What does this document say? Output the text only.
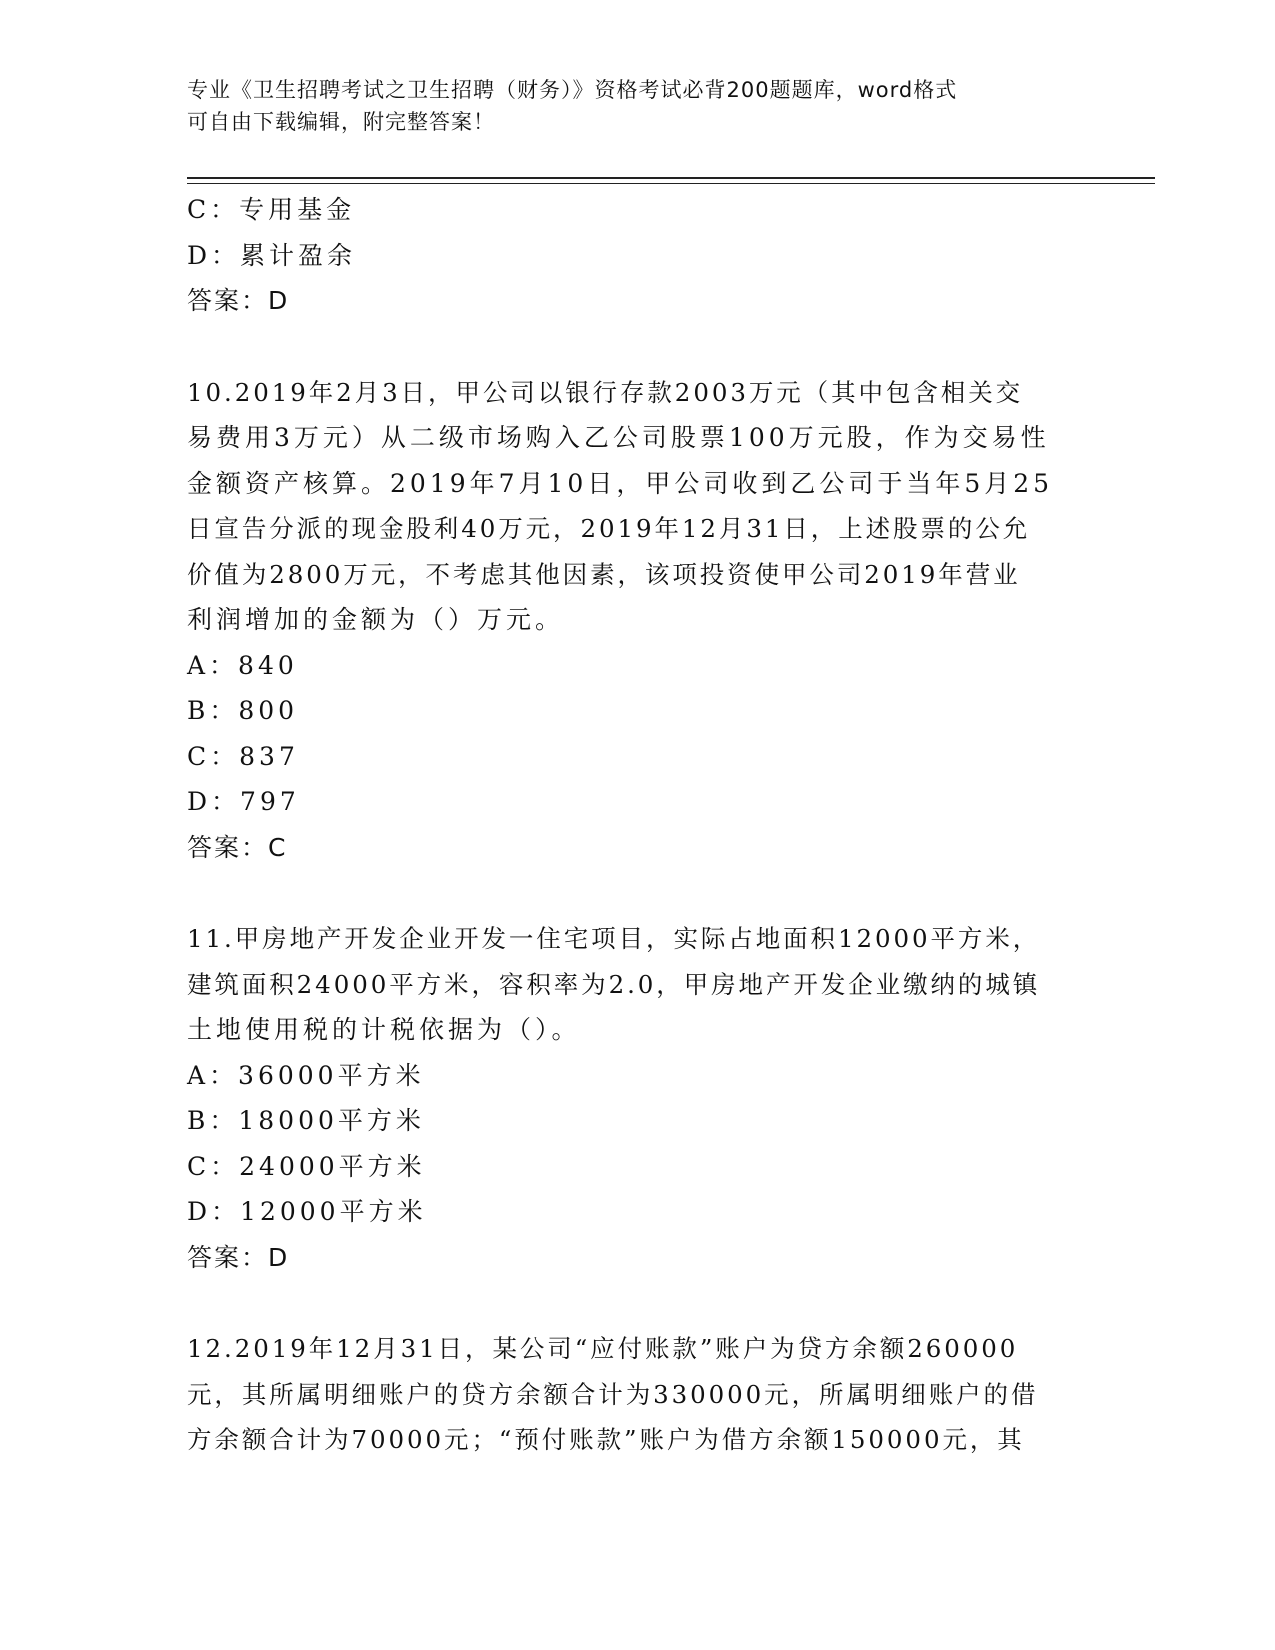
专业《卫生招聘考试之卫生招聘（财务）》资格考试必背200题题库，word格式
可自由下载编辑，附完整答案！
C：专用基金
D：累计盈余
答案：D
10.2019年2月3日，甲公司以银行存款2003万元（其中包含相关交
易费用3万元）从二级市场购入乙公司股票100万元股，作为交易性
金额资产核算。2019年7月10日，甲公司收到乙公司于当年5月25
日宣告分派的现金股利40万元，2019年12月31日，上述股票的公允
价值为2800万元，不考虑其他因素，该项投资使甲公司2019年营业
利润增加的金额为（）万元。
A：840
B：800
C：837
D：797
答案：C
11.甲房地产开发企业开发一住宅项目，实际占地面积12000平方米，
建筑面积24000平方米，容积率为2.0，甲房地产开发企业缴纳的城镇
土地使用税的计税依据为（）。
A：36000平方米
B：18000平方米
C：24000平方米
D：12000平方米
答案：D
12.2019年12月31日，某公司“应付账款”账户为贷方余额260000
元，其所属明细账户的贷方余额合计为330000元，所属明细账户的借
方余额合计为70000元；“预付账款”账户为借方余额150000元，其
